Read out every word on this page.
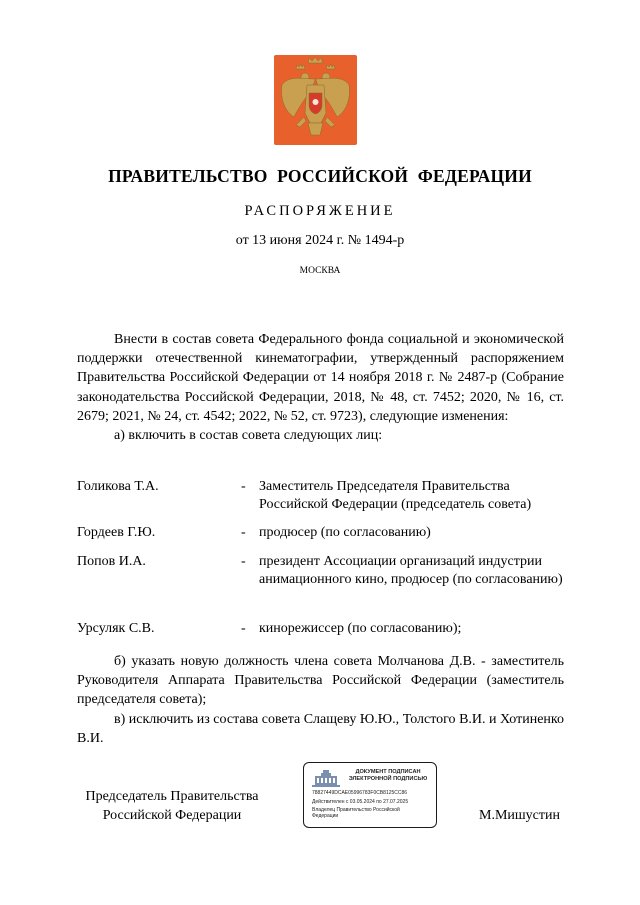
ПРАВИТЕЛЬСТВО РОССИЙСКОЙ ФЕДЕРАЦИИ
РАСПОРЯЖЕНИЕ
от 13 июня 2024 г. № 1494-р
МОСКВА

Внести в состав совета Федерального фонда социальной и экономической поддержки отечественной кинематографии, утвержденный распоряжением Правительства Российской Федерации от 14 ноября 2018 г. № 2487-р (Собрание законодательства Российской Федерации, 2018, № 48, ст. 7452; 2020, № 16, ст. 2679; 2021, № 24, ст. 4542; 2022, № 52, ст. 9723), следующие изменения:

а) включить в состав совета следующих лиц:

Голикова Т.А.	- Заместитель Председателя Правительства Российской Федерации (председатель совета)
Гордеев Г.Ю.	- продюсер (по согласованию)
Попов И.А.	- президент Ассоциации организаций индустрии анимационного кино, продюсер (по согласованию)
Урсуляк С.В.	- кинорежиссер (по согласованию);

б) указать новую должность члена совета Молчанова Д.В. - заместитель Руководителя Аппарата Правительства Российской Федерации (заместитель председателя совета);

в) исключить из состава совета Слащеву Ю.Ю., Толстого В.И. и Хотиненко В.И.

Председатель Правительства Российской Федерации
ДОКУМЕНТ ПОДПИСАН ЭЛЕКТРОННОЙ ПОДПИСЬЮ
78827449DCAE05996783F0CB8125CC86
Действителен с 03.05.2024 по 27.07.2025
Владелец Правительство Российской
Федерации	М.Мишустин
